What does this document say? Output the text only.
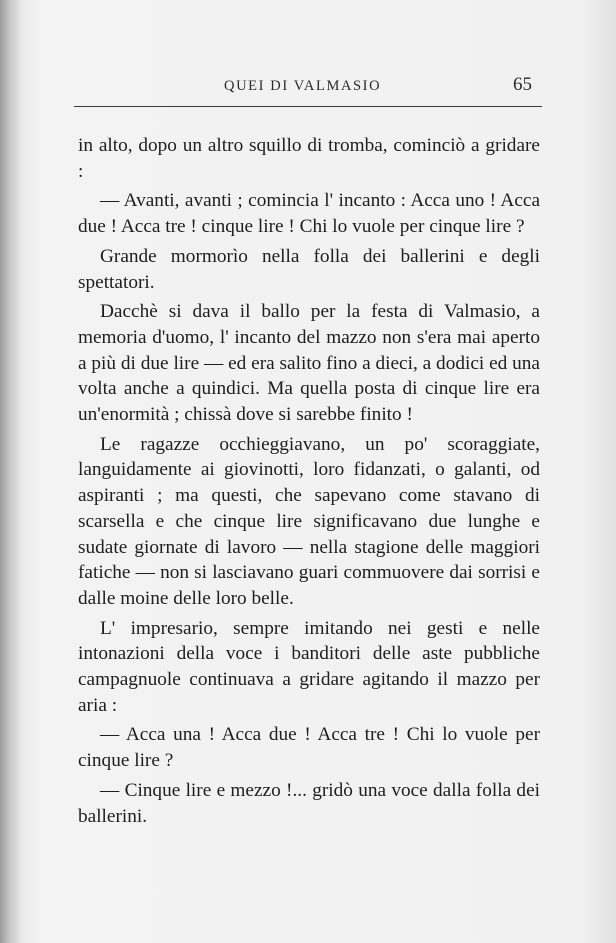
QUEI DI VALMASIO	65

in alto, dopo un altro squillo di tromba, cominciò a gridare :

— Avanti, avanti ; comincia l' incanto : Acca uno ! Acca due ! Acca tre ! cinque lire ! Chi lo vuole per cinque lire ?

Grande mormorìo nella folla dei ballerini e degli spettatori.

Dacchè si dava il ballo per la festa di Valmasio, a memoria d'uomo, l' incanto del mazzo non s'era mai aperto a più di due lire — ed era salito fino a dieci, a dodici ed una volta anche a quindici. Ma quella posta di cinque lire era un'enormità ; chissà dove si sarebbe finito !

Le ragazze occhieggiavano, un po' scoraggiate, languidamente ai giovinotti, loro fidanzati, o galanti, od aspiranti ; ma questi, che sapevano come stavano di scarsella e che cinque lire significavano due lunghe e sudate giornate di lavoro — nella stagione delle maggiori fatiche — non si lasciavano guari commuovere dai sorrisi e dalle moine delle loro belle.

L' impresario, sempre imitando nei gesti e nelle intonazioni della voce i banditori delle aste pubbliche campagnuole continuava a gridare agitando il mazzo per aria :

— Acca una ! Acca due ! Acca tre ! Chi lo vuole per cinque lire ?

— Cinque lire e mezzo !... gridò una voce dalla folla dei ballerini.
